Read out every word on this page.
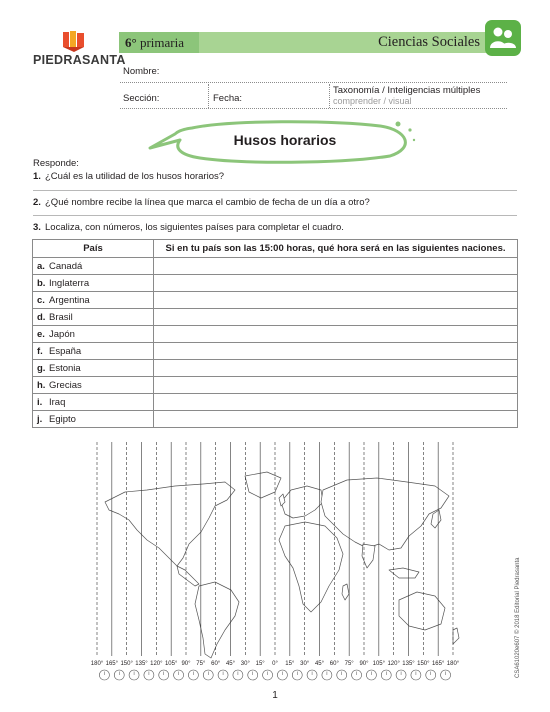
PIEDRASANTA
6° primaria	Ciencias Sociales
Nombre:
Sección:	Fecha:
Taxonomía / Inteligencias múltiples
comprender / visual
Husos horarios
Responde:
1. ¿Cuál es la utilidad de los husos horarios?
2. ¿Qué nombre recibe la línea que marca el cambio de fecha de un día a otro?
3. Localiza, con números, los siguientes países para completar el cuadro.
País	Si en tu país son las 15:00 horas, qué hora será en las siguientes naciones.
a. Canadá	
b. Inglaterra	
c. Argentina	
d. Brasil	
e. Japón	
f. España	
g. Estonia	
h. Grecias	
i. Iraq	
j. Egipto	
180° 165° 150° 135° 120° 105° 90° 75° 60° 45° 30° 15° 0° 15° 30° 45° 60° 75° 90° 105° 120° 135° 150° 165° 180°	CSA61020e607 © 2018 Editorial Piedrasanta
1
